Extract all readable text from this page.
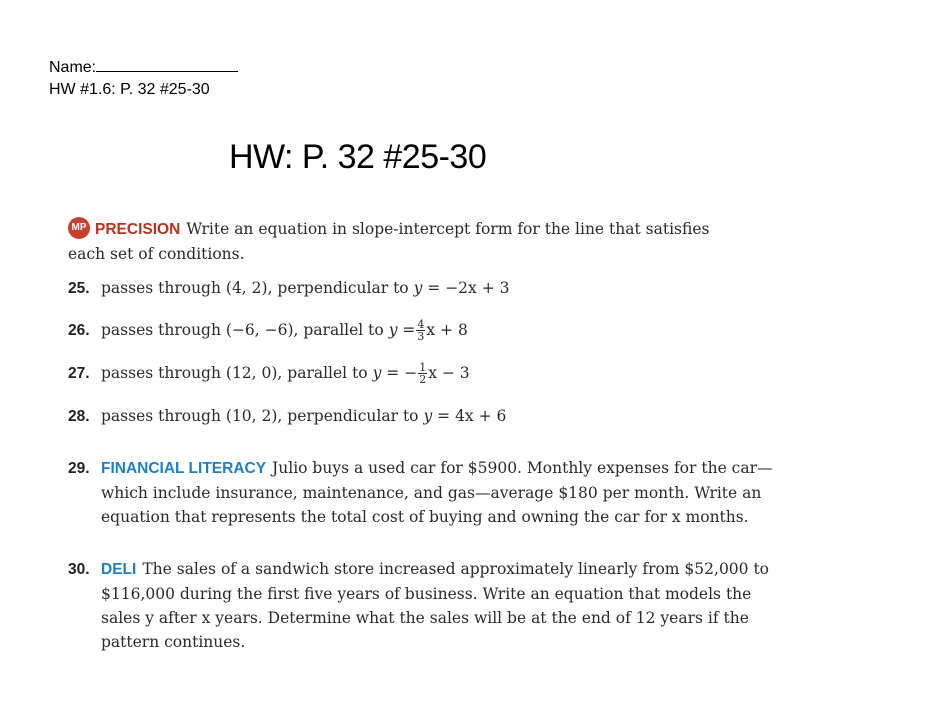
Name:
HW #1.6: P. 32 #25-30
HW: P. 32 #25-30
MP PRECISION Write an equation in slope-intercept form for the line that satisfies
each set of conditions.
25. passes through (4, 2), perpendicular to y = −2x + 3
26. passes through (−6, −6), parallel to $y = \frac{4}{3}$ x + 8
27. passes through (12, 0), parallel to y = − $\frac{1}{2}$ x − 3
28. passes through (10, 2), perpendicular to y = 4x + 6
29. FINANCIAL LITERACY Julio buys a used car for $5900. Monthly expenses for the car—
which include insurance, maintenance, and gas—average $180 per month. Write an
equation that represents the total cost of buying and owning the car for x months.
30. DELI The sales of a sandwich store increased approximately linearly from $52,000 to
$116,000 during the first five years of business. Write an equation that models the
sales y after x years. Determine what the sales will be at the end of 12 years if the
pattern continues.
